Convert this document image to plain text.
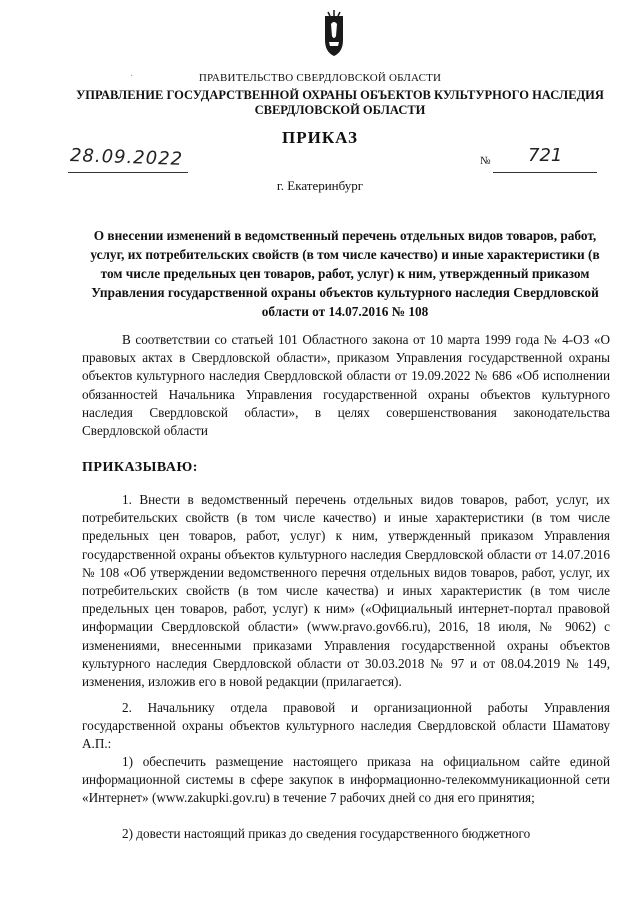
·	ПРАВИТЕЛЬСТВО СВЕРДЛОВСКОЙ ОБЛАСТИ
УПРАВЛЕНИЕ ГОСУДАРСТВЕННОЙ ОХРАНЫ ОБЪЕКТОВ КУЛЬТУРНОГО НАСЛЕДИЯ
СВЕРДЛОВСКОЙ ОБЛАСТИ
ПРИКАЗ
28.09.2022	№ 721
г. Екатеринбург
О внесении изменений в ведомственный перечень отдельных видов товаров, работ, услуг, их потребительских свойств (в том числе качество) и иные характеристики (в том числе предельных цен товаров, работ, услуг) к ним, утвержденный приказом Управления государственной охраны объектов культурного наследия Свердловской области от 14.07.2016 № 108

В соответствии со статьей 101 Областного закона от 10 марта 1999 года № 4-ОЗ «О правовых актах в Свердловской области», приказом Управления государственной охраны объектов культурного наследия Свердловской области от 19.09.2022 № 686 «Об исполнении обязанностей Начальника Управления государственной охраны объектов культурного наследия Свердловской области», в целях совершенствования законодательства Свердловской области

ПРИКАЗЫВАЮ:

1. Внести в ведомственный перечень отдельных видов товаров, работ, услуг, их потребительских свойств (в том числе качество) и иные характеристики (в том числе предельных цен товаров, работ, услуг) к ним, утвержденный приказом Управления государственной охраны объектов культурного наследия Свердловской области от 14.07.2016 № 108 «Об утверждении ведомственного перечня отдельных видов товаров, работ, услуг, их потребительских свойств (в том числе качества) и иных характеристик (в том числе предельных цен товаров, работ, услуг) к ним» («Официальный интернет-портал правовой информации Свердловской области» (www.pravo.gov66.ru), 2016, 18 июля, № 9062) с изменениями, внесенными приказами Управления государственной охраны объектов культурного наследия Свердловской области от 30.03.2018 № 97 и от 08.04.2019 № 149, изменения, изложив его в новой редакции (прилагается).

2. Начальнику отдела правовой и организационной работы Управления государственной охраны объектов культурного наследия Свердловской области Шаматову А.П.:

1) обеспечить размещение настоящего приказа на официальном сайте единой информационной системы в сфере закупок в информационно-телекоммуникационной сети «Интернет» (www.zakupki.gov.ru) в течение 7 рабочих дней со дня его принятия;

2) довести настоящий приказ до сведения государственного бюджетного
